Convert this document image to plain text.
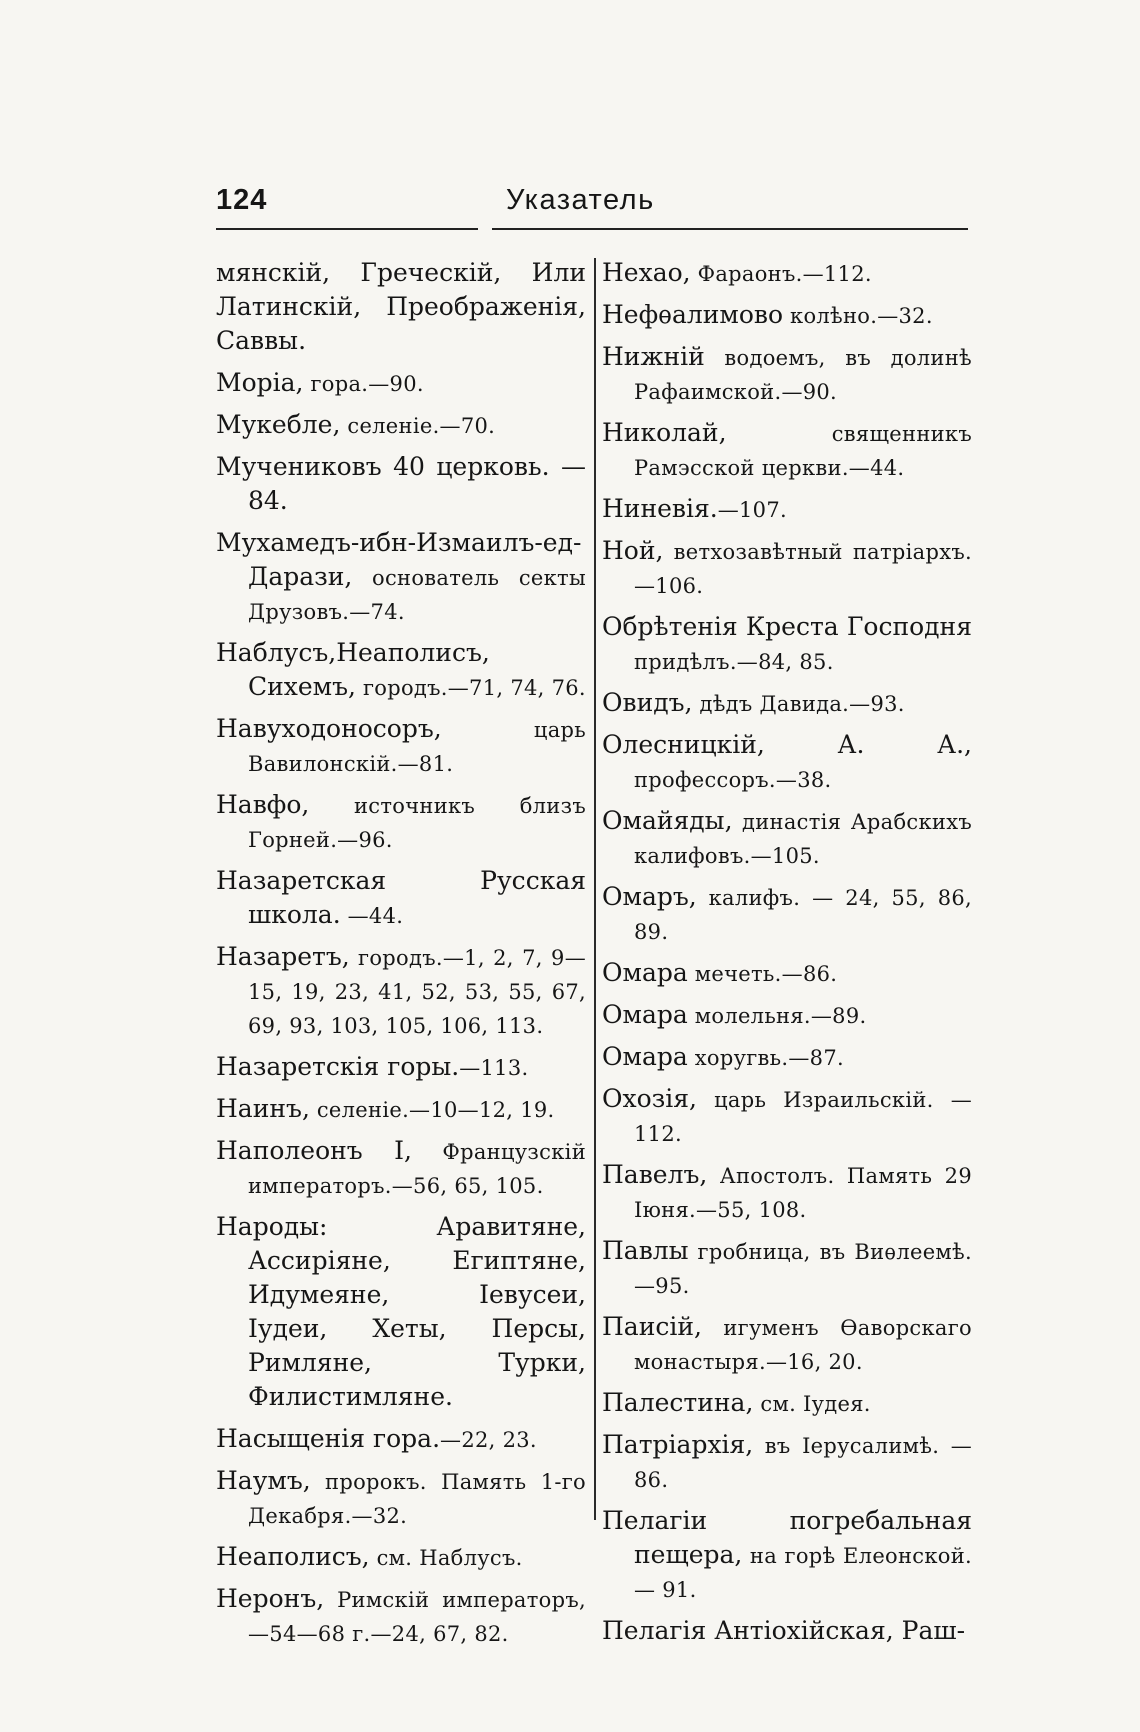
124	Указатель

мянскій, Греческій, Или Латинскій, Преображенія, Саввы.

Моріа, гора.—90.

Мукебле, селеніе.—70.

Мучениковъ 40 церковь. — 84.

Мухамедъ-ибн-Измаилъ-ед-Дарази, основатель секты Друзовъ.—74.

Наблусъ,Неаполисъ, Сихемъ, городъ.—71, 74, 76.

Навуходоносоръ, царь Вавилонскій.—81.

Навфо, источникъ близъ Горней.—96.

Назаретская Русская школа. —44.

Назаретъ, городъ.—1, 2, 7, 9—15, 19, 23, 41, 52, 53, 55, 67, 69, 93, 103, 105, 106, 113.

Назаретскія горы.—113.

Наинъ, селеніе.—10—12, 19.

Наполеонъ I, Французскій императоръ.—56, 65, 105.

Народы: Аравитяне, Ассиріяне, Египтяне, Идумеяне, Іевусеи, Іудеи, Хеты, Персы, Римляне, Турки, Филистимляне.

Насыщенія гора.—22, 23.

Наумъ, пророкъ. Память 1-го Декабря.—32.

Неаполисъ, см. Наблусъ.

Неронъ, Римскій императоръ, —54—68 г.—24, 67, 82.

Нехао, Фараонъ.—112.

Нефѳалимово колѣно.—32.

Нижній водоемъ, въ долинѣ Рафаимской.—90.

Николай, священникъ Рамэсской церкви.—44.

Ниневія.—107.

Ной, ветхозавѣтный патріархъ.—106.

Обрѣтенія Креста Господня придѣлъ.—84, 85.

Овидъ, дѣдъ Давида.—93.

Олесницкій, А. А., профессоръ.—38.

Омайяды, династія Арабскихъ калифовъ.—105.

Омаръ, калифъ. — 24, 55, 86, 89.

Омара мечеть.—86.

Омара молельня.—89.

Омара хоругвь.—87.

Охозія, царь Израильскій. — 112.

Павелъ, Апостолъ. Память 29 Іюня.—55, 108.

Павлы гробница, въ Виѳлеемѣ.—95.

Паисій, игуменъ Ѳаворскаго монастыря.—16, 20.

Палестина, см. Іудея.

Патріархія, въ Іерусалимѣ. —86.

Пелагіи погребальная пещера, на горѣ Елеонской. — 91.

Пелагія Антіохійская, Раш-
